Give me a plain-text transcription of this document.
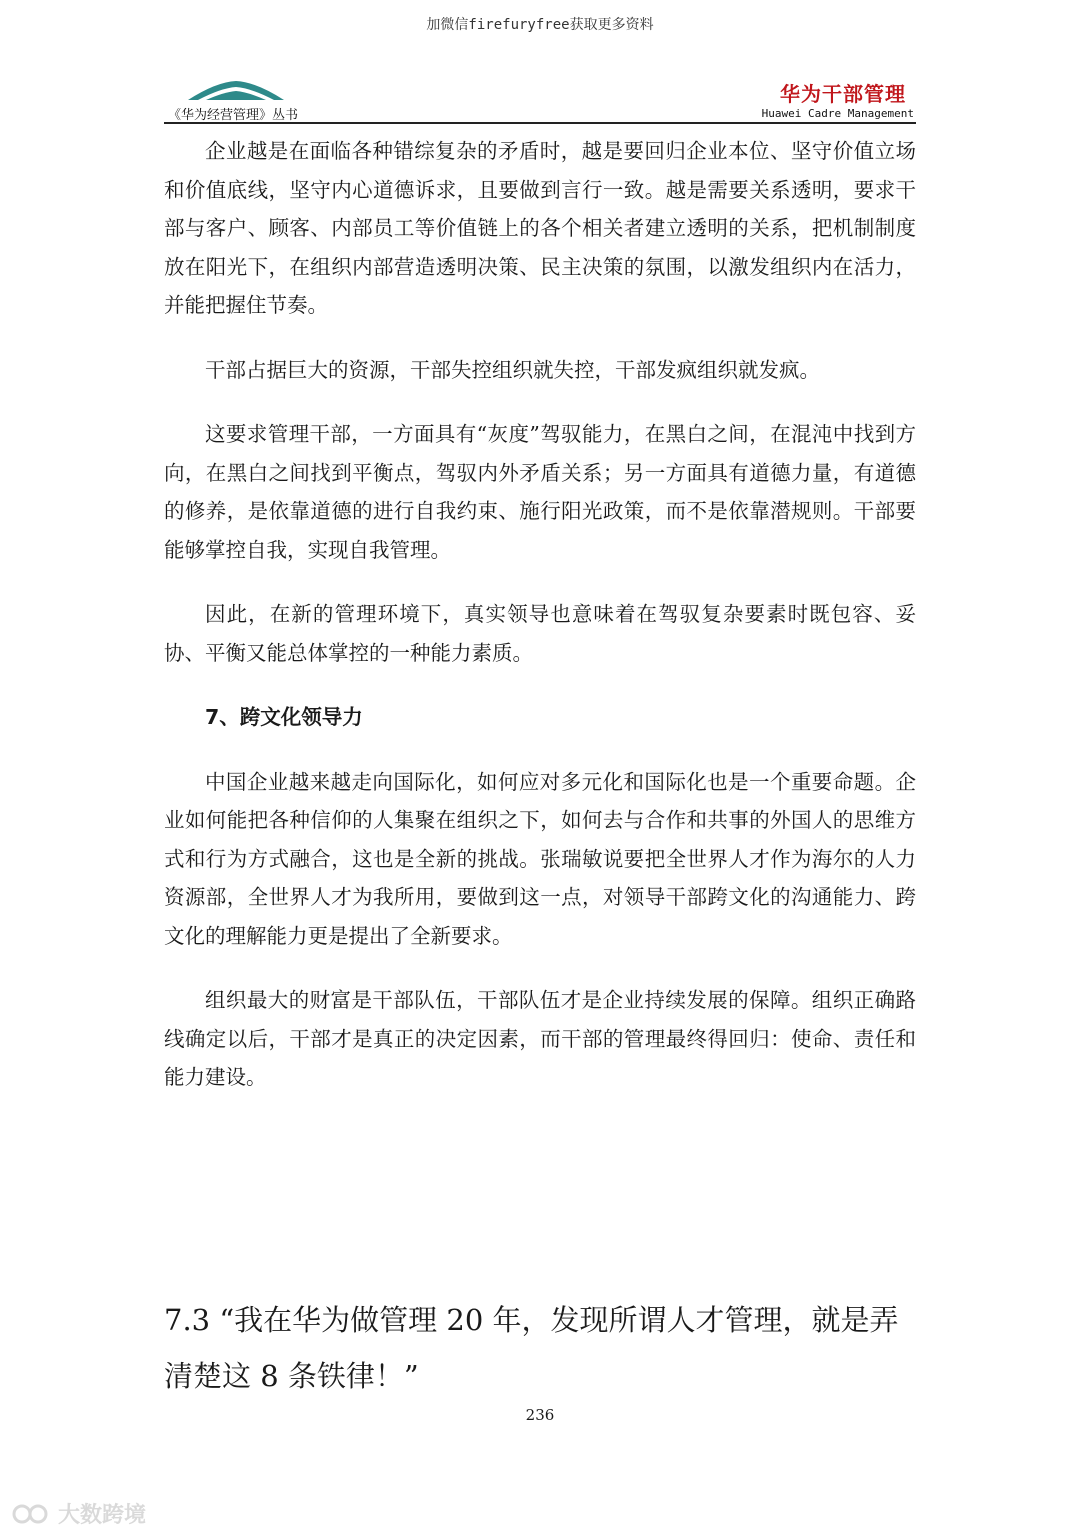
加微信firefuryfree获取更多资料
《华为经营管理》丛书
华为干部管理
Huawei Cadre Management

企业越是在面临各种错综复杂的矛盾时，越是要回归企业本位、坚守价值立场和价值底线，坚守内心道德诉求，且要做到言行一致。越是需要关系透明，要求干部与客户、顾客、内部员工等价值链上的各个相关者建立透明的关系，把机制制度放在阳光下，在组织内部营造透明决策、民主决策的氛围，以激发组织内在活力，并能把握住节奏。

干部占据巨大的资源，干部失控组织就失控，干部发疯组织就发疯。

这要求管理干部，一方面具有“灰度”驾驭能力，在黑白之间，在混沌中找到方向，在黑白之间找到平衡点，驾驭内外矛盾关系；另一方面具有道德力量，有道德的修养，是依靠道德的进行自我约束、施行阳光政策，而不是依靠潜规则。干部要能够掌控自我，实现自我管理。

因此，在新的管理环境下，真实领导也意味着在驾驭复杂要素时既包容、妥协、平衡又能总体掌控的一种能力素质。

7、跨文化领导力

中国企业越来越走向国际化，如何应对多元化和国际化也是一个重要命题。企业如何能把各种信仰的人集聚在组织之下，如何去与合作和共事的外国人的思维方式和行为方式融合，这也是全新的挑战。张瑞敏说要把全世界人才作为海尔的人力资源部，全世界人才为我所用，要做到这一点，对领导干部跨文化的沟通能力、跨文化的理解能力更是提出了全新要求。

组织最大的财富是干部队伍，干部队伍才是企业持续发展的保障。组织正确路线确定以后，干部才是真正的决定因素，而干部的管理最终得回归：使命、责任和能力建设。

7.3 “我在华为做管理 20 年，发现所谓人才管理，就是弄清楚这 8 条铁律！”
236
大数跨境
